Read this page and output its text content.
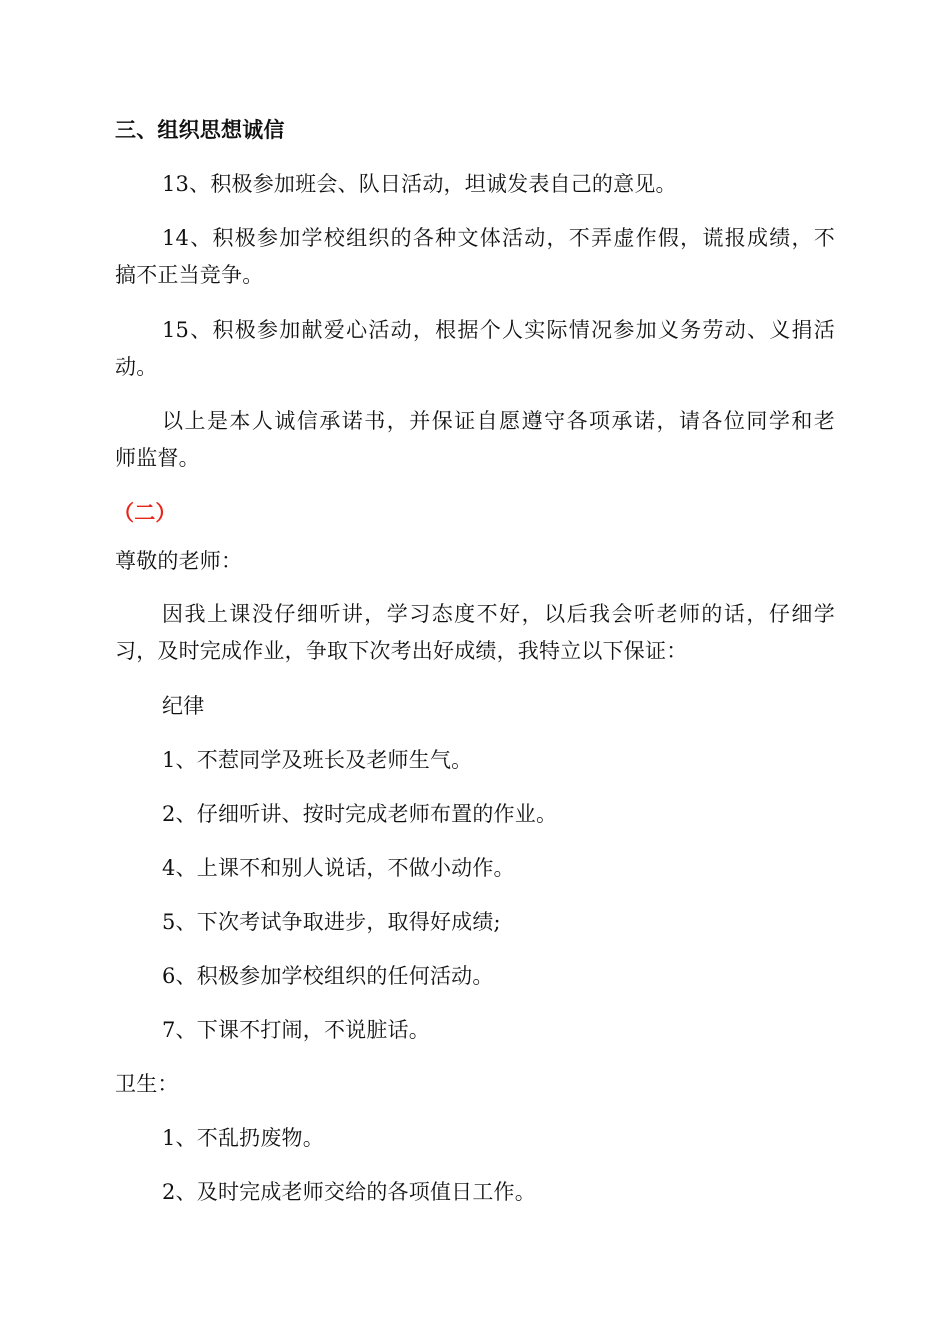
三、组织思想诚信
13、积极参加班会、队日活动，坦诚发表自己的意见。
14、积极参加学校组织的各种文体活动，不弄虚作假，谎报成绩，不
搞不正当竞争。
15、积极参加献爱心活动，根据个人实际情况参加义务劳动、义捐活
动。
以上是本人诚信承诺书，并保证自愿遵守各项承诺，请各位同学和老
师监督。
（二）
尊敬的老师：
因我上课没仔细听讲，学习态度不好，以后我会听老师的话，仔细学
习，及时完成作业，争取下次考出好成绩，我特立以下保证：
纪律
1、不惹同学及班长及老师生气。
2、仔细听讲、按时完成老师布置的作业。
4、上课不和别人说话，不做小动作。
5、下次考试争取进步，取得好成绩;
6、积极参加学校组织的任何活动。
7、下课不打闹，不说脏话。
卫生：
1、不乱扔废物。
2、及时完成老师交给的各项值日工作。
